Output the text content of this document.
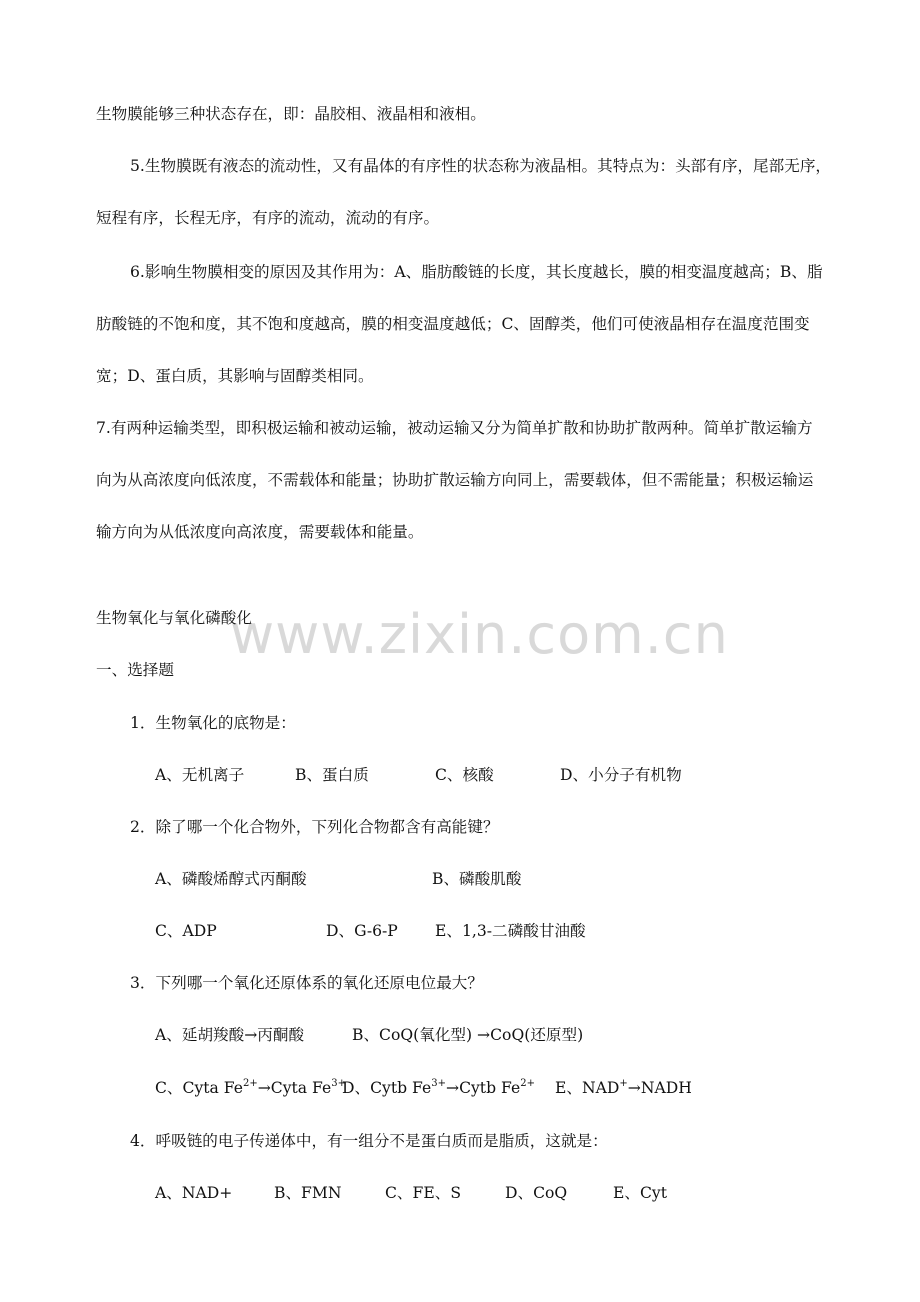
生物膜能够三种状态存在，即：晶胶相、液晶相和液相。
5.生物膜既有液态的流动性，又有晶体的有序性的状态称为液晶相。其特点为：头部有序，尾部无序，
短程有序，长程无序，有序的流动，流动的有序。
6.影响生物膜相变的原因及其作用为：A、脂肪酸链的长度，其长度越长，膜的相变温度越高；B、脂
肪酸链的不饱和度，其不饱和度越高，膜的相变温度越低；C、固醇类，他们可使液晶相存在温度范围变
宽；D、蛋白质，其影响与固醇类相同。
7.有两种运输类型，即积极运输和被动运输，被动运输又分为简单扩散和协助扩散两种。简单扩散运输方
向为从高浓度向低浓度，不需载体和能量；协助扩散运输方向同上，需要载体，但不需能量；积极运输运
输方向为从低浓度向高浓度，需要载体和能量。
www.zixin.com.cn
生物氧化与氧化磷酸化
一、选择题
1．生物氧化的底物是：
A、无机离子	B、蛋白质	C、核酸	D、小分子有机物
2．除了哪一个化合物外，下列化合物都含有高能键？
A、磷酸烯醇式丙酮酸	B、磷酸肌酸
C、ADP	D、G-6-P E、1,3-二磷酸甘油酸
3．下列哪一个氧化还原体系的氧化还原电位最大？
A、延胡羧酸→丙酮酸	B、CoQ(氧化型) →CoQ(还原型)
C、Cyta $Fe^{2+}\to Cyta$ $Fe^{3+}$
D、Cytb $Fe^{3+}\to Cytb$ $Fe^{2+}$ E、NAD+→NADH
4．呼吸链的电子传递体中，有一组分不是蛋白质而是脂质，这就是：
A、NAD+	B、FMN	C、FE、S	D、CoQ	E、Cyt
